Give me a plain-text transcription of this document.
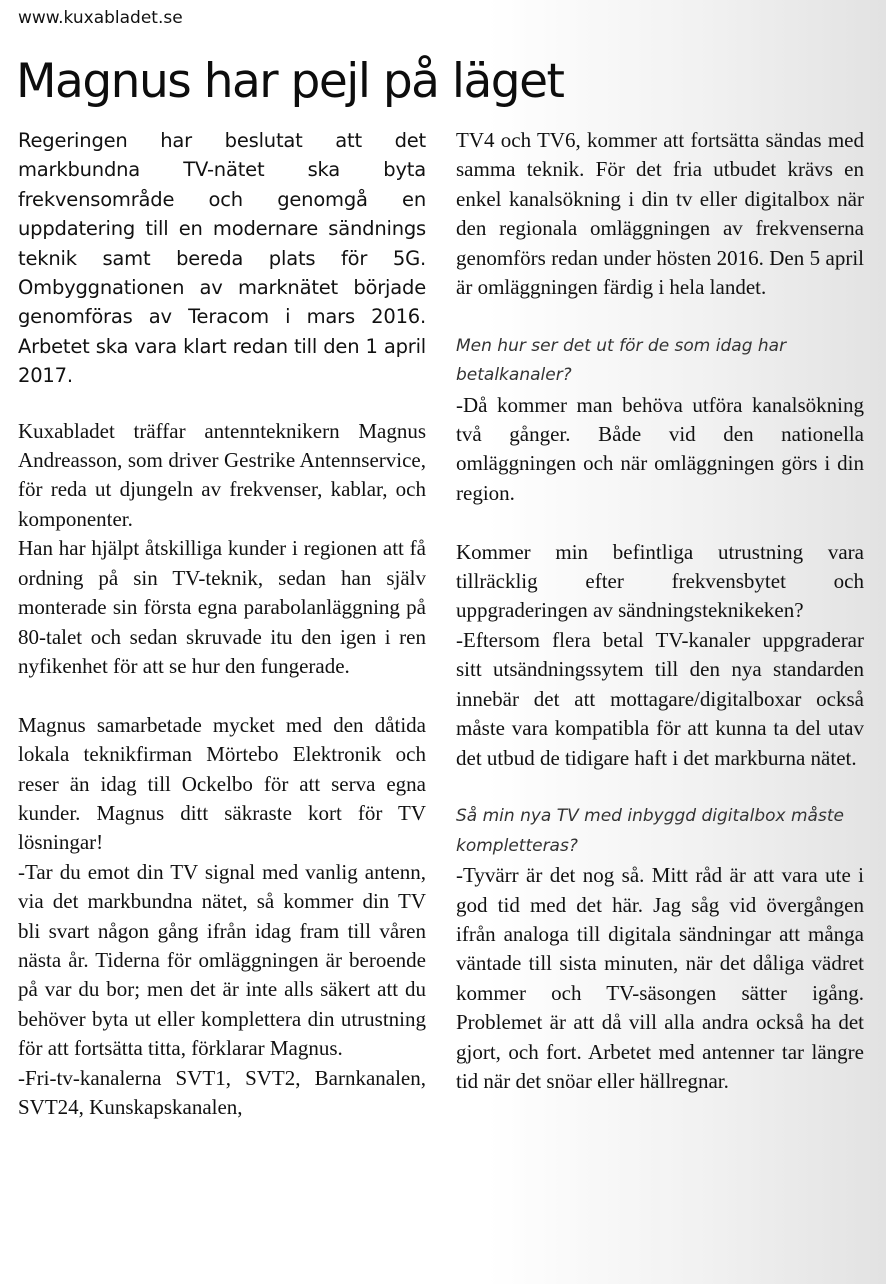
www.kuxabladet.se
Magnus har pejl på läget

Regeringen har beslutat att det markbundna TV-nätet ska byta frekvensområde och genomgå en uppdatering till en modernare sändnings teknik samt bereda plats för 5G. Ombyggnationen av marknätet började genomföras av Teracom i mars 2016. Arbetet ska vara klart redan till den 1 april 2017.

Kuxabladet träffar antennteknikern Magnus Andreasson, som driver Gestrike Antennservice, för reda ut djungeln av frekvenser, kablar, och komponenter.

Han har hjälpt åtskilliga kunder i regionen att få ordning på sin TV-teknik, sedan han själv monterade sin första egna parabolanläggning på 80-talet och sedan skruvade itu den igen i ren nyfikenhet för att se hur den fungerade.

Magnus samarbetade mycket med den dåtida lokala teknikfirman Mörtebo Elektronik och reser än idag till Ockelbo för att serva egna kunder. Magnus ditt säkraste kort för TV lösningar!

-Tar du emot din TV signal med vanlig antenn, via det markbundna nätet, så kommer din TV bli svart någon gång ifrån idag fram till våren nästa år. Tiderna för omläggningen är beroende på var du bor; men det är inte alls säkert att du behöver byta ut eller komplettera din utrustning för att fortsätta titta, förklarar Magnus.

-Fri-tv-kanalerna SVT1, SVT2, Barnkanalen, SVT24, Kunskapskanalen,

TV4 och TV6, kommer att fortsätta sändas med samma teknik. För det fria utbudet krävs en enkel kanalsökning i din tv eller digitalbox när den regionala omläggningen av frekvenserna genomförs redan under hösten 2016. Den 5 april är omläggningen färdig i hela landet.

Men hur ser det ut för de som idag har betalkanaler?

-Då kommer man behöva utföra kanalsökning två gånger. Både vid den nationella omläggningen och när omläggningen görs i din region.

Kommer min befintliga utrustning vara tillräcklig efter frekvensbytet och uppgraderingen av sändningsteknikeken?

-Eftersom flera betal TV-kanaler uppgraderar sitt utsändningssytem till den nya standarden innebär det att mottagare/digitalboxar också måste vara kompatibla för att kunna ta del utav det utbud de tidigare haft i det markburna nätet.

Så min nya TV med inbyggd digitalbox måste kompletteras?

-Tyvärr är det nog så. Mitt råd är att vara ute i god tid med det här. Jag såg vid övergången ifrån analoga till digitala sändningar att många väntade till sista minuten, när det dåliga vädret kommer och TV-säsongen sätter igång. Problemet är att då vill alla andra också ha det gjort, och fort. Arbetet med antenner tar längre tid när det snöar eller hällregnar.
